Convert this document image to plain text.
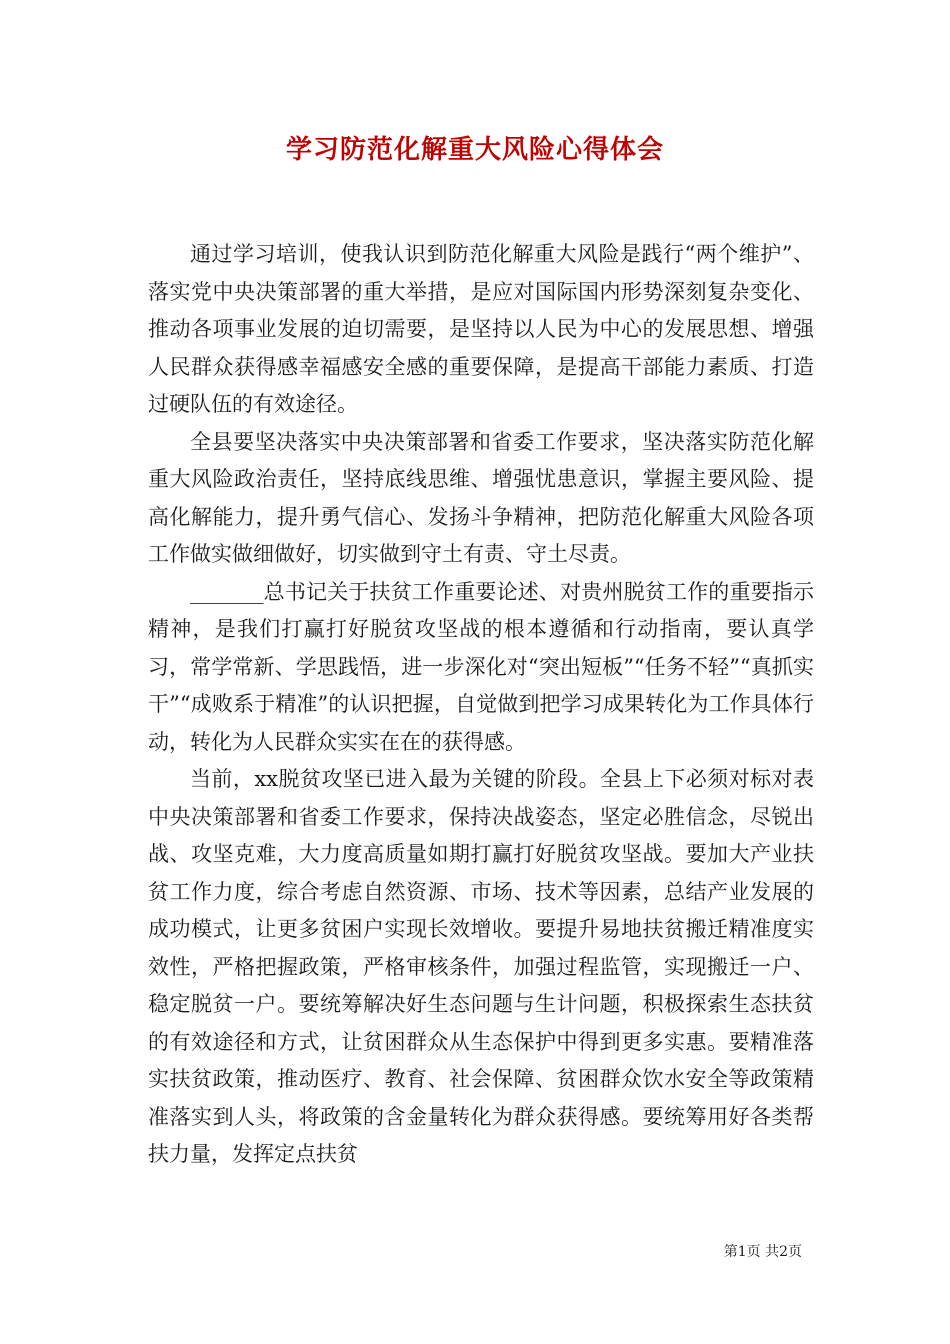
学习防范化解重大风险心得体会

通过学习培训，使我认识到防范化解重大风险是践行“两个维护”、落实党中央决策部署的重大举措，是应对国际国内形势深刻复杂变化、推动各项事业发展的迫切需要，是坚持以人民为中心的发展思想、增强人民群众获得感幸福感安全感的重要保障，是提高干部能力素质、打造过硬队伍的有效途径。

全县要坚决落实中央决策部署和省委工作要求，坚决落实防范化解重大风险政治责任，坚持底线思维、增强忧患意识，掌握主要风险、提高化解能力，提升勇气信心、发扬斗争精神，把防范化解重大风险各项工作做实做细做好，切实做到守土有责、守土尽责。

_______总书记关于扶贫工作重要论述、对贵州脱贫工作的重要指示精神，是我们打赢打好脱贫攻坚战的根本遵循和行动指南，要认真学习，常学常新、学思践悟，进一步深化对“突出短板”“任务不轻”“真抓实干”“成败系于精准”的认识把握，自觉做到把学习成果转化为工作具体行动，转化为人民群众实实在在的获得感。

当前，xx脱贫攻坚已进入最为关键的阶段。全县上下必须对标对表中央决策部署和省委工作要求，保持决战姿态，坚定必胜信念，尽锐出战、攻坚克难，大力度高质量如期打赢打好脱贫攻坚战。要加大产业扶贫工作力度，综合考虑自然资源、市场、技术等因素，总结产业发展的成功模式，让更多贫困户实现长效增收。要提升易地扶贫搬迁精准度实效性，严格把握政策，严格审核条件，加强过程监管，实现搬迁一户、稳定脱贫一户。要统筹解决好生态问题与生计问题，积极探索生态扶贫的有效途径和方式，让贫困群众从生态保护中得到更多实惠。要精准落实扶贫政策，推动医疗、教育、社会保障、贫困群众饮水安全等政策精准落实到人头，将政策的含金量转化为群众获得感。要统筹用好各类帮扶力量，发挥定点扶贫

第1页 共2页
